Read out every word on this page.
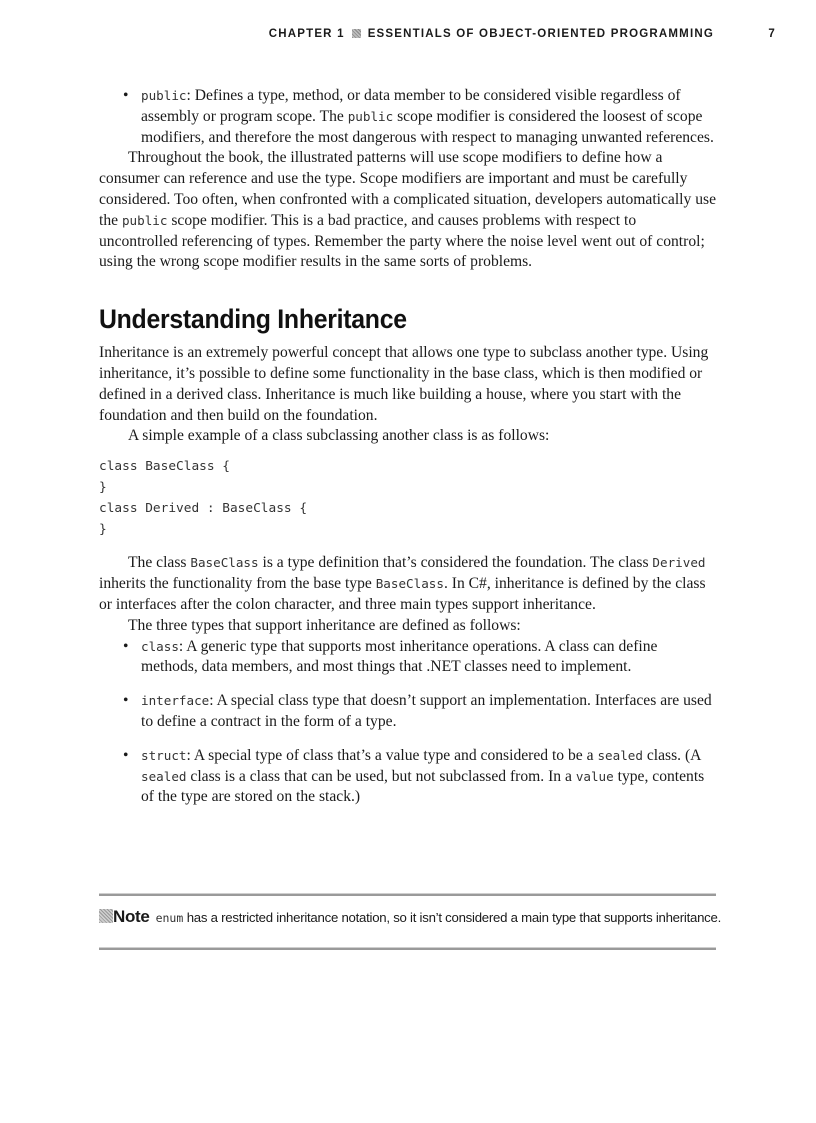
CHAPTER 1 ESSENTIALS OF OBJECT-ORIENTED PROGRAMMING	7
• public: Defines a type, method, or data member to be considered visible regardless of assembly or program scope. The public scope modifier is considered the loosest of scope modifiers, and therefore the most dangerous with respect to managing unwanted references.

Throughout the book, the illustrated patterns will use scope modifiers to define how a consumer can reference and use the type. Scope modifiers are important and must be carefully considered. Too often, when confronted with a complicated situation, developers automatically use the public scope modifier. This is a bad practice, and causes problems with respect to uncontrolled referencing of types. Remember the party where the noise level went out of control; using the wrong scope modifier results in the same sorts of problems.

Understanding Inheritance

Inheritance is an extremely powerful concept that allows one type to subclass another type. Using inheritance, it’s possible to define some functionality in the base class, which is then modified or defined in a derived class. Inheritance is much like building a house, where you start with the foundation and then build on the foundation.

A simple example of a class subclassing another class is as follows:

class BaseClass {
}
class Derived : BaseClass {
}

The class BaseClass is a type definition that’s considered the foundation. The class Derived inherits the functionality from the base type BaseClass. In C#, inheritance is defined by the class or interfaces after the colon character, and three main types support inheritance.

The three types that support inheritance are defined as follows:

• class: A generic type that supports most inheritance operations. A class can define methods, data members, and most things that .NET classes need to implement.
• interface: A special class type that doesn’t support an implementation. Interfaces are used to define a contract in the form of a type.
• struct: A special type of class that’s a value type and considered to be a sealed class. (A sealed class is a class that can be used, but not subclassed from. In a value type, contents of the type are stored on the stack.)
Note enum has a restricted inheritance notation, so it isn’t considered a main type that supports inheritance.
